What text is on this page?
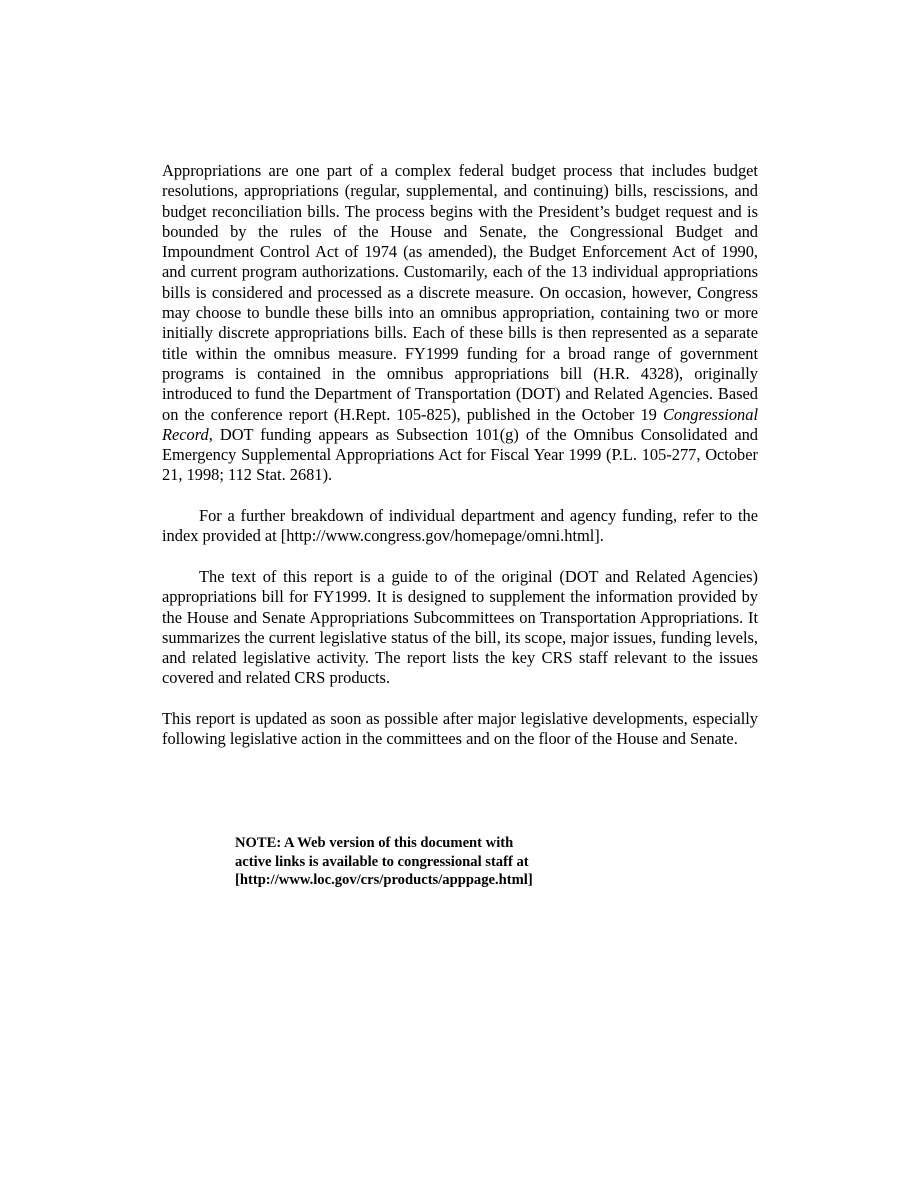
Appropriations are one part of a complex federal budget process that includes budget resolutions, appropriations (regular, supplemental, and continuing) bills, rescissions, and budget reconciliation bills. The process begins with the President’s budget request and is bounded by the rules of the House and Senate, the Congressional Budget and Impoundment Control Act of 1974 (as amended), the Budget Enforcement Act of 1990, and current program authorizations. Customarily, each of the 13 individual appropriations bills is considered and processed as a discrete measure. On occasion, however, Congress may choose to bundle these bills into an omnibus appropriation, containing two or more initially discrete appropriations bills. Each of these bills is then represented as a separate title within the omnibus measure. FY1999 funding for a broad range of government programs is contained in the omnibus appropriations bill (H.R. 4328), originally introduced to fund the Department of Transportation (DOT) and Related Agencies. Based on the conference report (H.Rept. 105-825), published in the October 19 Congressional Record, DOT funding appears as Subsection 101(g) of the Omnibus Consolidated and Emergency Supplemental Appropriations Act for Fiscal Year 1999 (P.L. 105-277, October 21, 1998; 112 Stat. 2681).

For a further breakdown of individual department and agency funding, refer to the index provided at [http://www.congress.gov/homepage/omni.html].

The text of this report is a guide to of the original (DOT and Related Agencies) appropriations bill for FY1999. It is designed to supplement the information provided by the House and Senate Appropriations Subcommittees on Transportation Appropriations. It summarizes the current legislative status of the bill, its scope, major issues, funding levels, and related legislative activity. The report lists the key CRS staff relevant to the issues covered and related CRS products.

This report is updated as soon as possible after major legislative developments, especially following legislative action in the committees and on the floor of the House and Senate.

NOTE: A Web version of this document with
active links is available to congressional staff at
[http://www.loc.gov/crs/products/apppage.html]
